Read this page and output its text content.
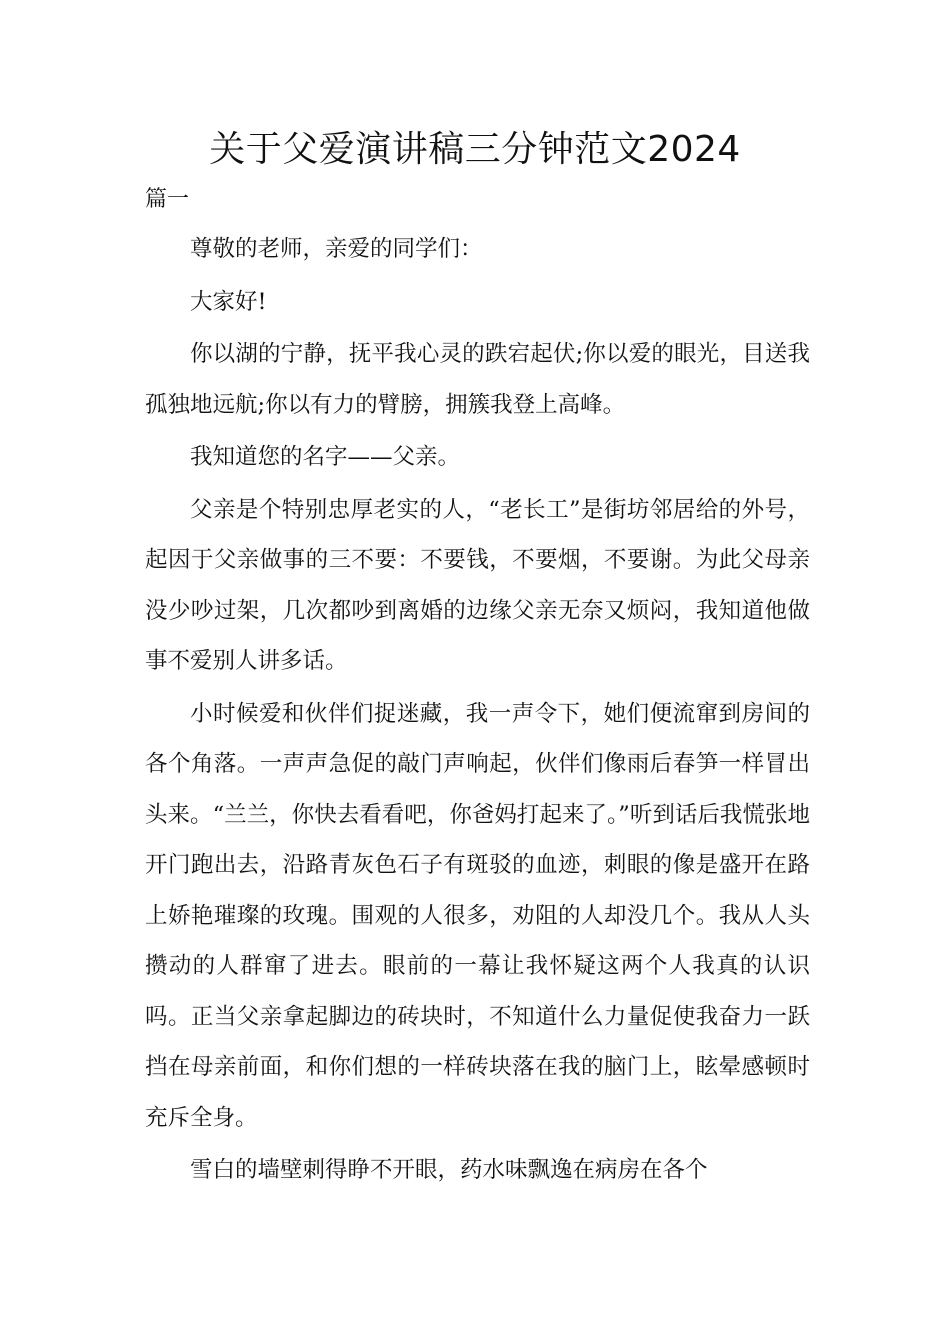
关于父爱演讲稿三分钟范文2024
篇一

尊敬的老师，亲爱的同学们：

大家好!

你以湖的宁静，抚平我心灵的跌宕起伏;你以爱的眼光，目送我孤独地远航;你以有力的臂膀，拥簇我登上高峰。

我知道您的名字——父亲。

父亲是个特别忠厚老实的人，“老长工”是街坊邻居给的外号，起因于父亲做事的三不要：不要钱，不要烟，不要谢。为此父母亲没少吵过架，几次都吵到离婚的边缘父亲无奈又烦闷，我知道他做事不爱别人讲多话。

小时候爱和伙伴们捉迷藏，我一声令下，她们便流窜到房间的各个角落。一声声急促的敲门声响起，伙伴们像雨后春笋一样冒出头来。“兰兰，你快去看看吧，你爸妈打起来了。”听到话后我慌张地开门跑出去，沿路青灰色石子有斑驳的血迹，刺眼的像是盛开在路上娇艳璀璨的玫瑰。围观的人很多，劝阻的人却没几个。我从人头攒动的人群窜了进去。眼前的一幕让我怀疑这两个人我真的认识吗。正当父亲拿起脚边的砖块时，不知道什么力量促使我奋力一跃挡在母亲前面，和你们想的一样砖块落在我的脑门上，眩晕感顿时充斥全身。

雪白的墙壁刺得睁不开眼，药水味飘逸在病房在各个
